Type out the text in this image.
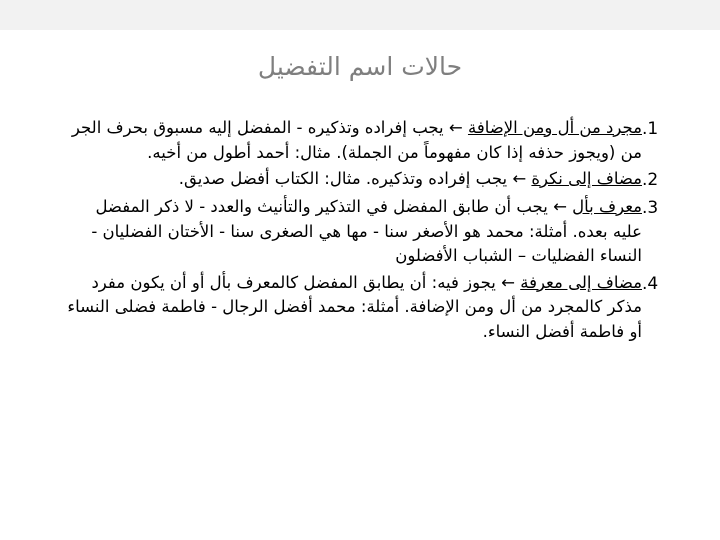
حالات اسم التفضيل
.1
مجرد من أل ومن الإضافة ← يجب إفراده وتذكيره - المفضل إليه مسبوق بحرف الجر من (ويجوز حذفه إذا كان مفهوماً من الجملة). مثال: أحمد أطول من أخيه.
.2
مضاف إلى نكرة ← يجب إفراده وتذكيره. مثال: الكتاب أفضل صديق.
.3
معرف بأل ← يجب أن طابق المفضل في التذكير والتأنيث والعدد - لا ذكر المفضل عليه بعده. أمثلة: محمد هو الأصغر سنا - مها هي الصغرى سنا - الأختان الفضليان - النساء الفضليات – الشباب الأفضلون
.4
مضاف إلى معرفة ← يجوز فيه: أن يطابق المفضل كالمعرف بأل أو أن يكون مفرد مذكر كالمجرد من أل ومن الإضافة. أمثلة: محمد أفضل الرجال - فاطمة فضلى النساء أو فاطمة أفضل النساء.
